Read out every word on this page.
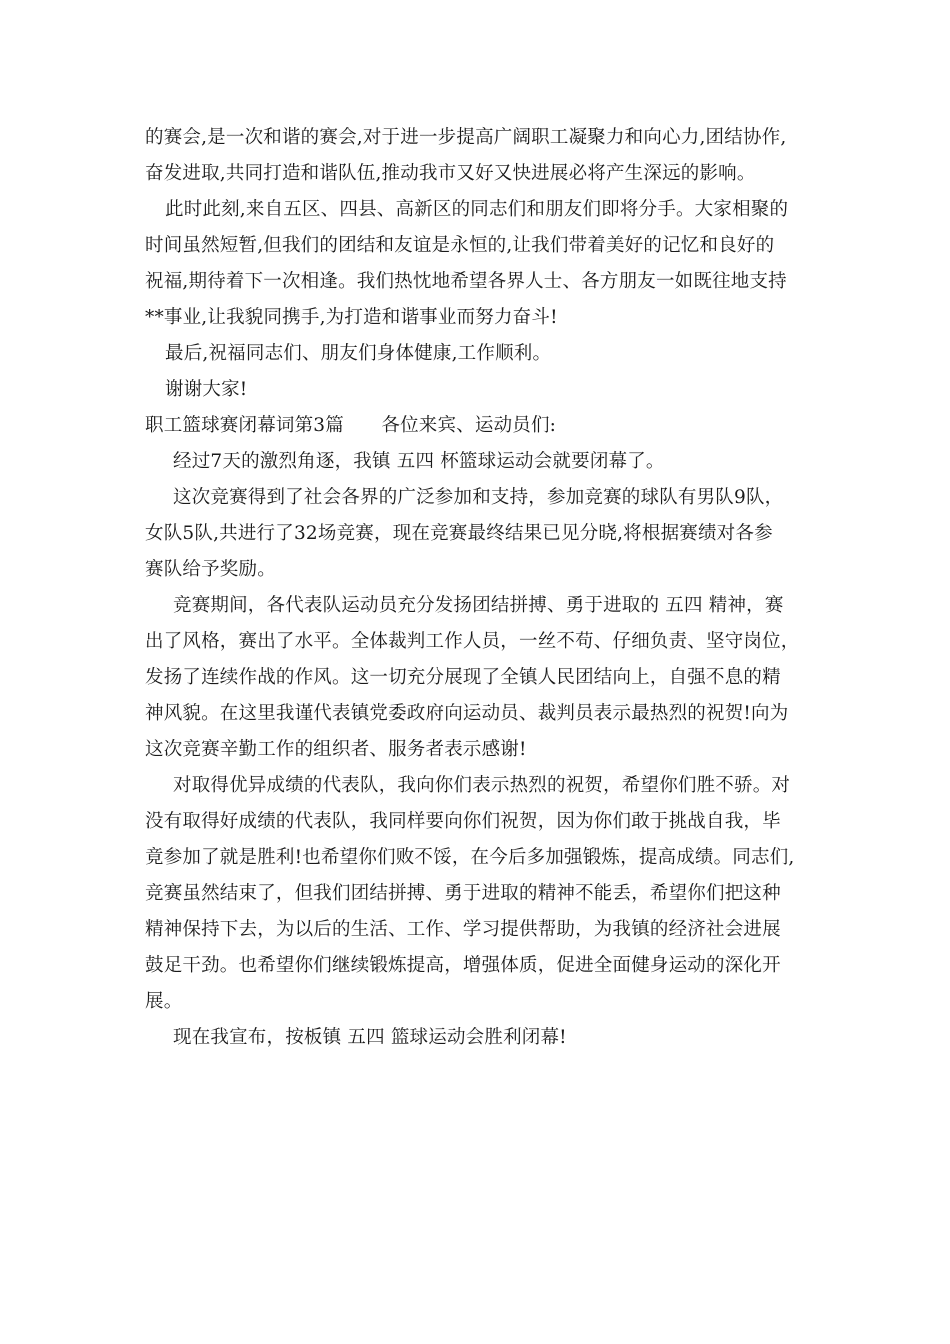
的赛会,是一次和谐的赛会,对于进一步提高广阔职工凝聚力和向心力,团结协作,
奋发进取,共同打造和谐队伍,推动我市又好又快进展必将产生深远的影响。
此时此刻,来自五区、四县、高新区的同志们和朋友们即将分手。大家相聚的
时间虽然短暂,但我们的团结和友谊是永恒的,让我们带着美好的记忆和良好的
祝福,期待着下一次相逢。我们热忱地希望各界人士、各方朋友一如既往地支持
**事业,让我貌同携手,为打造和谐事业而努力奋斗!
最后,祝福同志们、朋友们身体健康,工作顺利。
谢谢大家!
职工篮球赛闭幕词第3篇　　各位来宾、运动员们:
经过7天的激烈角逐，我镇 五四 杯篮球运动会就要闭幕了。
这次竞赛得到了社会各界的广泛参加和支持，参加竞赛的球队有男队9队，
女队5队,共进行了32场竞赛，现在竞赛最终结果已见分晓,将根据赛绩对各参
赛队给予奖励。
竞赛期间，各代表队运动员充分发扬团结拼搏、勇于进取的 五四 精神，赛
出了风格，赛出了水平。全体裁判工作人员，一丝不苟、仔细负责、坚守岗位，
发扬了连续作战的作风。这一切充分展现了全镇人民团结向上，自强不息的精
神风貌。在这里我谨代表镇党委政府向运动员、裁判员表示最热烈的祝贺!向为
这次竞赛辛勤工作的组织者、服务者表示感谢!
对取得优异成绩的代表队，我向你们表示热烈的祝贺，希望你们胜不骄。对
没有取得好成绩的代表队，我同样要向你们祝贺，因为你们敢于挑战自我，毕
竟参加了就是胜利!也希望你们败不馁，在今后多加强锻炼，提高成绩。同志们,
竞赛虽然结束了，但我们团结拼搏、勇于进取的精神不能丢，希望你们把这种
精神保持下去，为以后的生活、工作、学习提供帮助，为我镇的经济社会进展
鼓足干劲。也希望你们继续锻炼提高，增强体质，促进全面健身运动的深化开
展。
现在我宣布，按板镇 五四 篮球运动会胜利闭幕!
